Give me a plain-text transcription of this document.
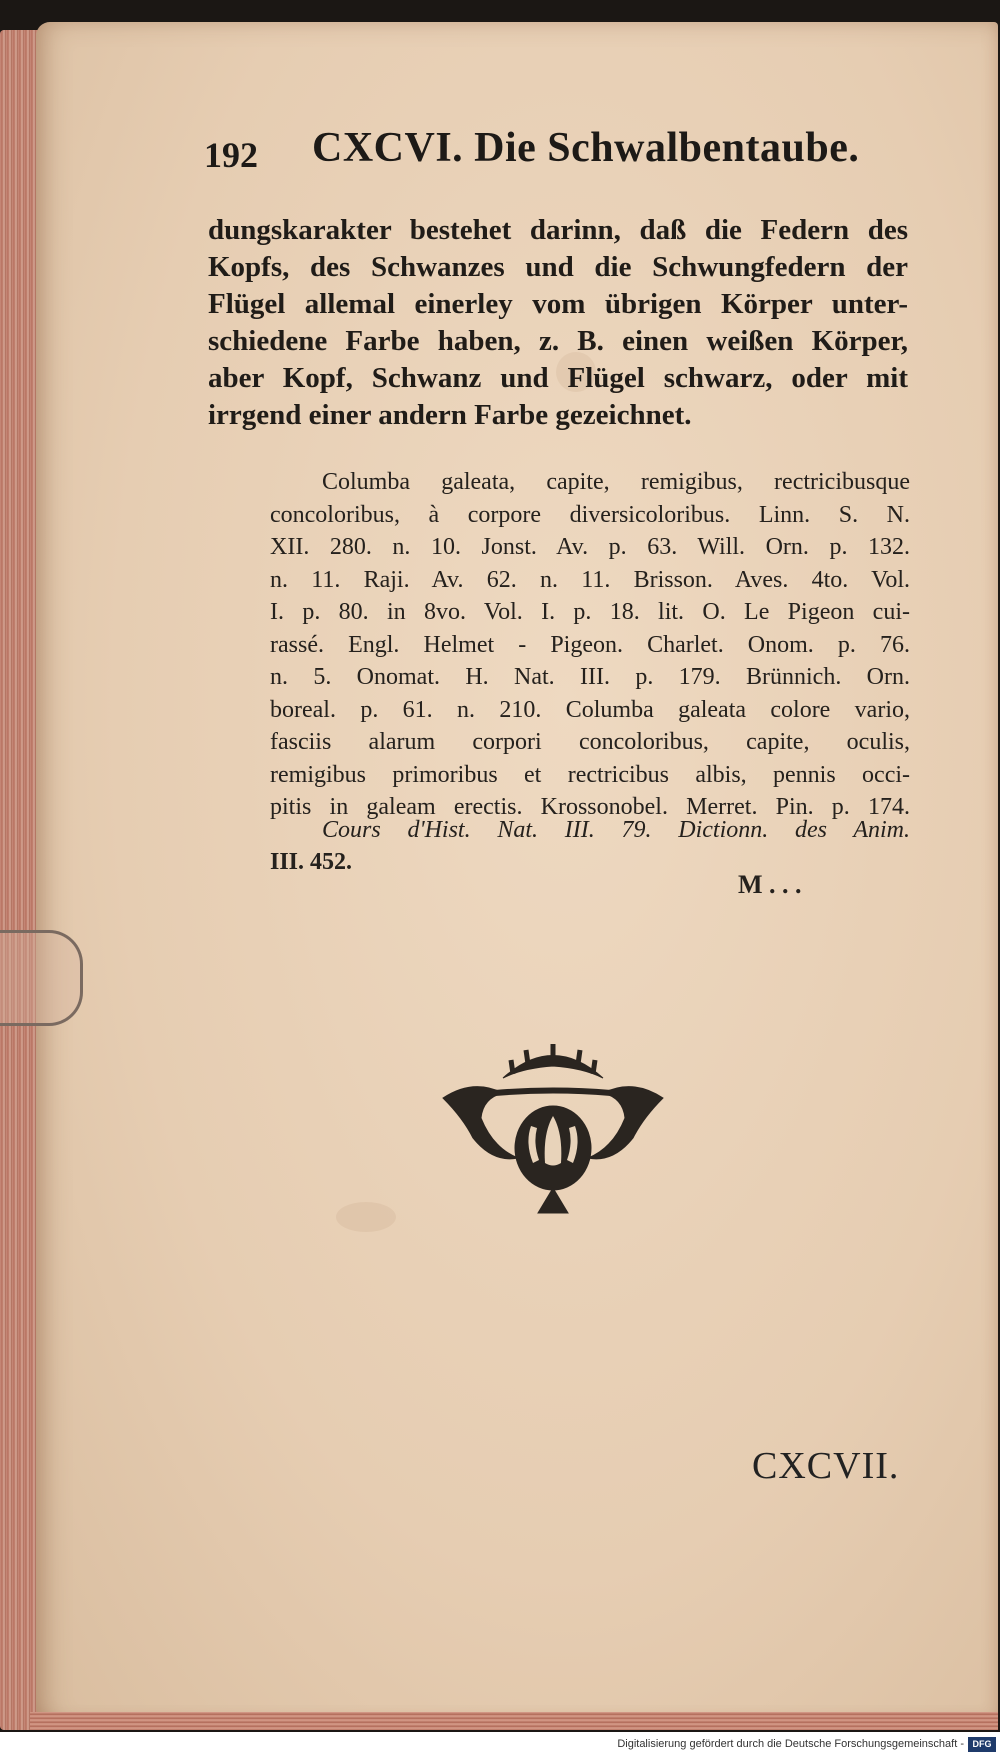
192 CXCVI. Die Schwalbentaube.

dungskarakter bestehet darinn, daß die Federn des

Kopfs, des Schwanzes und die Schwungfedern der

Flügel allemal einerley vom übrigen Körper unter-

schiedene Farbe haben, z. B. einen weißen Körper,

aber Kopf, Schwanz und Flügel schwarz, oder mit

irrgend einer andern Farbe gezeichnet.

Columba galeata, capite, remigibus, rectricibusque

concoloribus, à corpore diversicoloribus. Linn. S. N.

XII. 280. n. 10. Jonst. Av. p. 63. Will. Orn. p. 132.

n. 11. Raji. Av. 62. n. 11. Brisson. Aves. 4to. Vol.

I. p. 80. in 8vo. Vol. I. p. 18. lit. O. Le Pigeon cui-

rassé. Engl. Helmet - Pigeon. Charlet. Onom. p. 76.

n. 5. Onomat. H. Nat. III. p. 179. Brünnich. Orn.

boreal. p. 61. n. 210. Columba galeata colore vario,

fasciis alarum corpori concoloribus, capite, oculis,

remigibus primoribus et rectricibus albis, pennis occi-

pitis in galeam erectis. Krossonobel. Merret. Pin. p. 174.

Cours d'Hist. Nat. III. 79. Dictionn. des Anim.

III. 452.

M . . .
CXCVII.
Digitalisierung gefördert durch die Deutsche Forschungsgemeinschaft - DFG
